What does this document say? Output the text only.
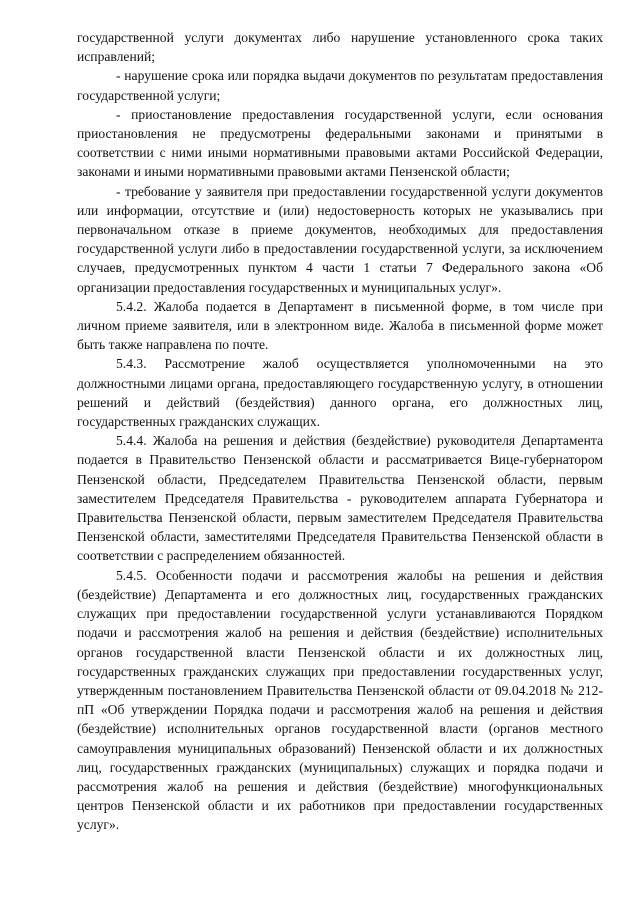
государственной услуги документах либо нарушение установленного срока таких исправлений;

- нарушение срока или порядка выдачи документов по результатам предоставления государственной услуги;

- приостановление предоставления государственной услуги, если основания приостановления не предусмотрены федеральными законами и принятыми в соответствии с ними иными нормативными правовыми актами Российской Федерации, законами и иными нормативными правовыми актами Пензенской области;

- требование у заявителя при предоставлении государственной услуги документов или информации, отсутствие и (или) недостоверность которых не указывались при первоначальном отказе в приеме документов, необходимых для предоставления государственной услуги либо в предоставлении государственной услуги, за исключением случаев, предусмотренных пунктом 4 части 1 статьи 7 Федерального закона «Об организации предоставления государственных и муниципальных услуг».

5.4.2. Жалоба подается в Департамент в письменной форме, в том числе при личном приеме заявителя, или в электронном виде. Жалоба в письменной форме может быть также направлена по почте.

5.4.3. Рассмотрение жалоб осуществляется уполномоченными на это должностными лицами органа, предоставляющего государственную услугу, в отношении решений и действий (бездействия) данного органа, его должностных лиц, государственных гражданских служащих.

5.4.4. Жалоба на решения и действия (бездействие) руководителя Департамента подается в Правительство Пензенской области и рассматривается Вице-губернатором Пензенской области, Председателем Правительства Пензенской области, первым заместителем Председателя Правительства - руководителем аппарата Губернатора и Правительства Пензенской области, первым заместителем Председателя Правительства Пензенской области, заместителями Председателя Правительства Пензенской области в соответствии с распределением обязанностей.

5.4.5. Особенности подачи и рассмотрения жалобы на решения и действия (бездействие) Департамента и его должностных лиц, государственных гражданских служащих при предоставлении государственной услуги устанавливаются Порядком подачи и рассмотрения жалоб на решения и действия (бездействие) исполнительных органов государственной власти Пензенской области и их должностных лиц, государственных гражданских служащих при предоставлении государственных услуг, утвержденным постановлением Правительства Пензенской области от 09.04.2018 № 212-пП «Об утверждении Порядка подачи и рассмотрения жалоб на решения и действия (бездействие) исполнительных органов государственной власти (органов местного самоуправления муниципальных образований) Пензенской области и их должностных лиц, государственных гражданских (муниципальных) служащих и порядка подачи и рассмотрения жалоб на решения и действия (бездействие) многофункциональных центров Пензенской области и их работников при предоставлении государственных услуг».
